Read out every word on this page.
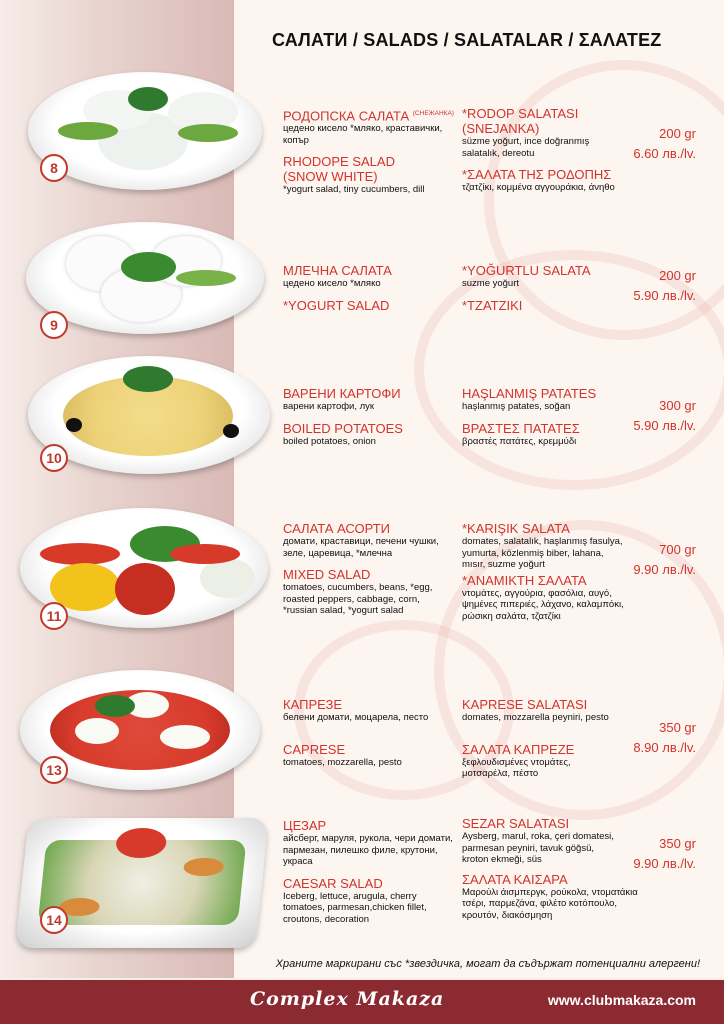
САЛАТИ / SALADS / SALATALAR / ΣΑΛΑΤΕΖ
8
9
10
11
13
14

РОДОПСКА САЛАТА $^{(СНЕЖАНКА)}$

цедено кисело *мляко, краставички, копър

RHODOPE SALAD (SNOW WHITE)

*yogurt salad, tiny cucumbers, dill

*RODOP SALATASI (SNEJANKA)

süzme yoğurt, ince doğranmış salatalık, dereotu

*ΣΑΛΑΤΑ ΤΗΣ ΡΟΔΟΠΗΣ

τζατζίκι, κομμένα αγγουράκια, άνηθο

200 gr
6.60 лв./lv.

МЛЕЧНА САЛАТА

цедено кисело *мляко

*YOGURT SALAD

*YOĞURTLU SALATA

suzme yoğurt

*TZATZIKI

200 gr
5.90 лв./lv.

ВАРЕНИ КАРТОФИ

варени картофи, лук

BOILED POTATOES

boiled potatoes, onion

HAŞLANMIŞ PATATES

haşlanmış patates, soğan

ΒΡΑΣΤΕΣ ΠΑΤΑΤΕΣ

βραστές πατάτες, κρεμμύδι

300 gr
5.90 лв./lv.

САЛАТА АСОРТИ

домати, краставици, печени чушки, зеле, царевица, *млечна

MIXED SALAD

tomatoes, cucumbers, beans, *egg, roasted peppers, cabbage, corn, *russian salad, *yogurt salad

*KARIŞIK SALATA

domates, salatalık, haşlanmış fasulya, yumurta, közlenmiş biber, lahana, mısır, suzme yoğurt

*ΑΝΑΜΙΚΤΗ ΣΑΛΑΤΑ

ντομάτες, αγγούρια, φασόλια, αυγό, ψημένες πιπεριές, λάχανο, καλαμπόκι, ρώσικη σαλάτα, τζατζίκι

700 gr
9.90 лв./lv.

КАПРЕЗЕ

белени домати, моцарела, песто

CAPRESE

tomatoes, mozzarella, pesto

KAPRESE SALATASI

domates, mozzarella peyniri, pesto

ΣΑΛΑΤΑ ΚΑΠΡΕΖΕ

ξεφλουδισμένες ντομάτες, μοτσαρέλα, πέστο

350 gr
8.90 лв./lv.

ЦЕЗАР

айсберг, маруля, рукола, чери домати, пармезан, пилешко филе, крутони, украса

CAESAR SALAD

Iceberg, lettuce, arugula, cherry tomatoes, parmesan,chicken fillet, croutons, decoration

SEZAR SALATASI

Aysberg, marul, roka, çeri domatesi, parmesan peyniri, tavuk göğsü, kroton ekmeği, süs

ΣΑΛΑΤΑ ΚΑΙΣΑΡΑ

Μαρούλι άισμπεργκ, ρούκολα, ντοματάκια τσέρι, παρμεζάνα, φιλέτο κοτόπουλο, κρουτόν, διακόσμηση

350 gr
9.90 лв./lv.
Храните маркирани със *звездичка, могат да съдържат потенциални алергени!
Complex Makaza	www.clubmakaza.com
